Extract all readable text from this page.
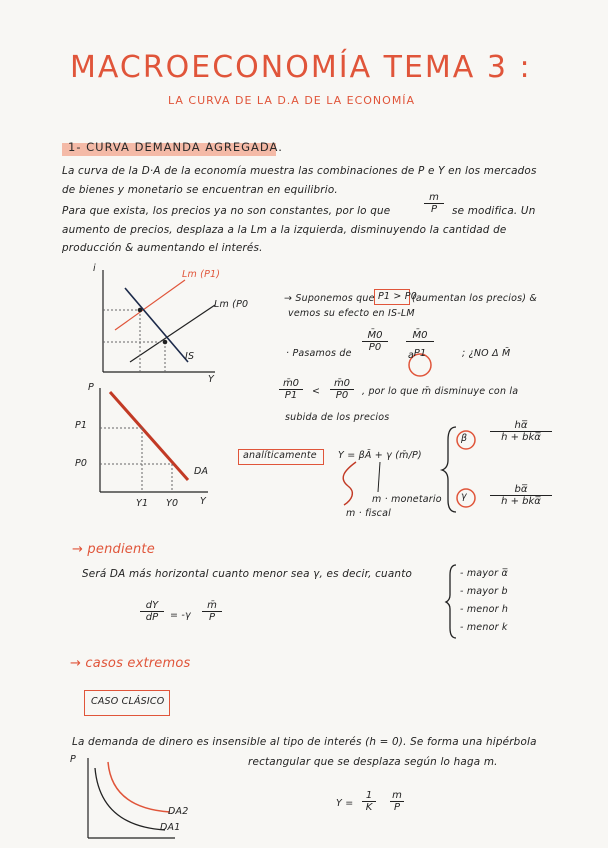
MACROECONOMÍA TEMA 3 :
LA CURVA DE LA D.A DE LA ECONOMÍA
1- CURVA DEMANDA AGREGADA.
La curva de la D·A de la economía muestra las combinaciones de P e Y en los mercados
de bienes y monetario se encuentran en equilibrio.
Para que exista, los precios ya no son constantes, por lo que	$\frac{m}{P}$ se modifica. Un
aumento de precios, desplaza a la Lm a la izquierda, disminuyendo la cantidad de
producción & aumentando el interés.
i
Y
Lm (P1)
Lm (P0
IS
P
P1
P0
Y1 Y0 Y
DA
→ Suponemos que P1 > P0
(aumentan los precios) &
vemos su efecto en IS-LM
· Pasamos de
$\frac{M̄0}{P0}$
a
$\frac{M̄0}{P1}$	; ¿NO Δ M̄
$\frac{m̄0}{P1} < \frac{m̄0}{P0}$ , por lo que m̄ disminuye con la
subida de los precios
analíticamente Y = βĀ + γ (m̄/P)
m · monetario
m · fiscal
β
hα̅
h + bkα̅
γ
bα̅
h + bkα̅
→ pendiente
Será DA más horizontal cuanto menor sea γ, es decir, cuanto	- mayor α̅
- mayor b
- menor h
- menor k
$\frac{dY}{dP} = -\gamma \frac{m̄}{P}$
→ casos extremos
CASO CLÁSICO
La demanda de dinero es insensible al tipo de interés (h = 0). Se forma una hipérbola
rectangular que se desplaza según lo haga m.
P
DA2
DA1
$Y = \frac{1}{K} \frac{m}{P}$
